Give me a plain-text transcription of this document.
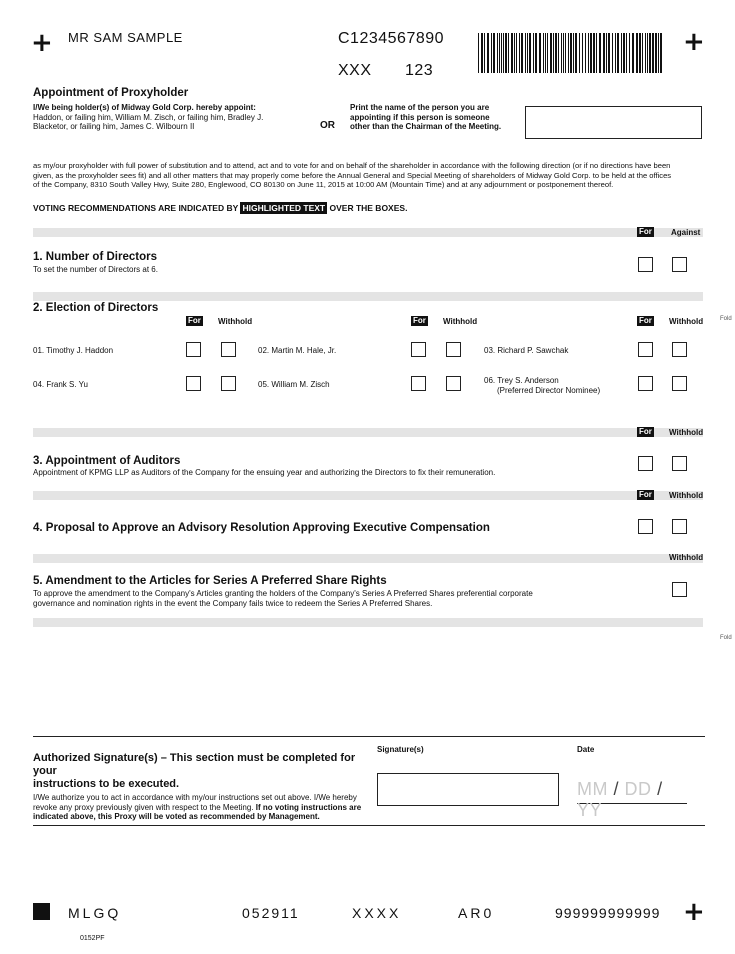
+	+
+
MR SAM SAMPLE	C1234567890
XXX 123
Appointment of Proxyholder
I/We being holder(s) of Midway Gold Corp. hereby appoint:
Haddon, or failing him, William M. Zisch, or failing him, Bradley J.
Blacketor, or failing him, James C. Wilbourn II	OR
Print the name of the person you are
appointing if this person is someone
other than the Chairman of the Meeting.
as my/our proxyholder with full power of substitution and to attend, act and to vote for and on behalf of the shareholder in accordance with the following direction (or if no directions have been
given, as the proxyholder sees fit) and all other matters that may properly come before the Annual General and Special Meeting of shareholders of Midway Gold Corp. to be held at the offices
of the Company, 8310 South Valley Hwy, Suite 280, Englewood, CO 80130 on June 11, 2015 at 10:00 AM (Mountain Time) and at any adjournment or postponement thereof.
VOTING RECOMMENDATIONS ARE INDICATED BY HIGHLIGHTED TEXT OVER THE BOXES.
For Against
1. Number of Directors
To set the number of Directors at 6.
2. Election of Directors
For Withhold	For Withhold	For Withhold	Fold
01. Timothy J. Haddon	02. Martin M. Hale, Jr.	03. Richard P. Sawchak
04. Frank S. Yu	05. William M. Zisch	06. Trey S. Anderson
(Preferred Director Nominee)
For Withhold
3. Appointment of Auditors
Appointment of KPMG LLP as Auditors of the Company for the ensuing year and authorizing the Directors to fix their remuneration.
For Withhold
4. Proposal to Approve an Advisory Resolution Approving Executive Compensation
Withhold
5. Amendment to the Articles for Series A Preferred Share Rights
To approve the amendment to the Company's Articles granting the holders of the Company's Series A Preferred Shares preferential corporate
governance and nomination rights in the event the Company fails twice to redeem the Series A Preferred Shares.
Fold
Authorized Signature(s) – This section must be completed for your
instructions to be executed.
I/We authorize you to act in accordance with my/our instructions set out above. I/We hereby
revoke any proxy previously given with respect to the Meeting. If no voting instructions are
indicated above, this Proxy will be voted as recommended by Management.
Signature(s)	Date
MM / DD / YY
MLGQ	052911	XXXX	AR0	999999999999
0152PF
